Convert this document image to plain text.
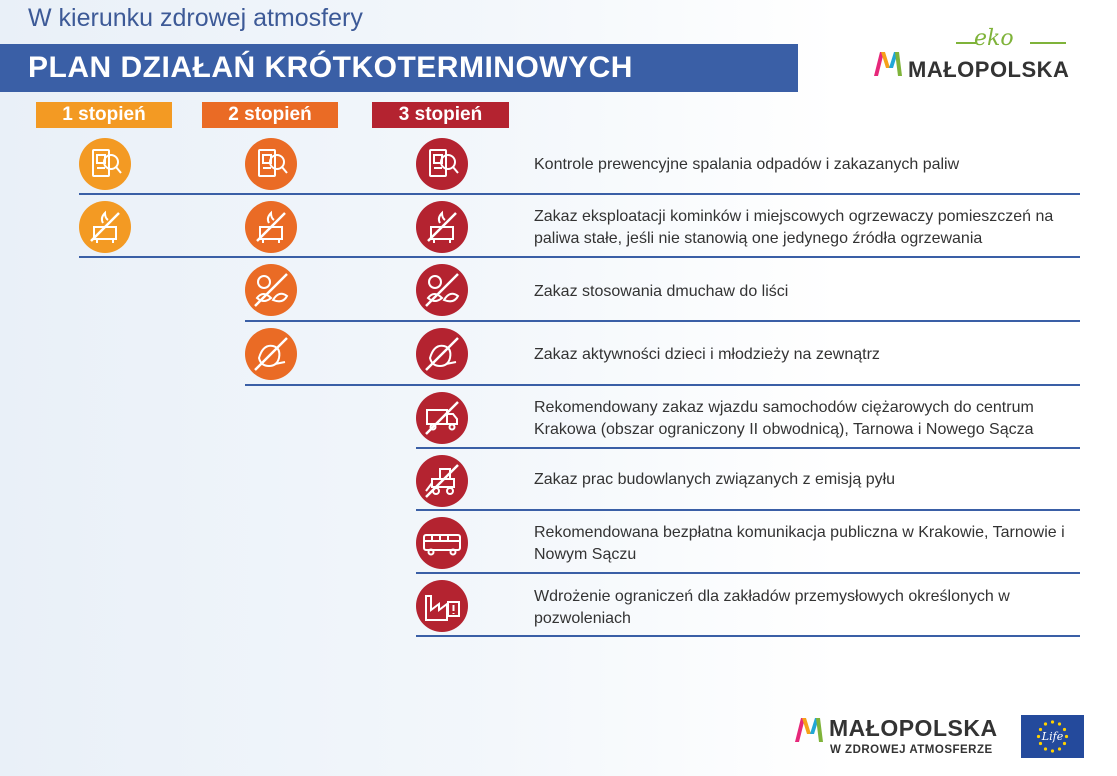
W kierunku zdrowej atmosfery
PLAN DZIAŁAŃ KRÓTKOTERMINOWYCH
eko
MAŁOPOLSKA
1 stopień	2 stopień	3 stopień
Kontrole prewencyjne spalania odpadów i zakazanych paliw
Zakaz eksploatacji kominków i miejscowych ogrzewaczy pomieszczeń na paliwa stałe, jeśli nie stanowią one jedynego źródła ogrzewania
Zakaz stosowania dmuchaw do liści
Zakaz aktywności dzieci i młodzieży na zewnątrz
Rekomendowany zakaz wjazdu samochodów ciężarowych do centrum Krakowa (obszar ograniczony II obwodnicą), Tarnowa i Nowego Sącza
Zakaz prac budowlanych związanych z emisją pyłu
Rekomendowana bezpłatna komunikacja publiczna w Krakowie, Tarnowie i Nowym Sączu
Wdrożenie ograniczeń dla zakładów przemysłowych określonych w pozwoleniach
MAŁOPOLSKA
W ZDROWEJ ATMOSFERZE
Life
